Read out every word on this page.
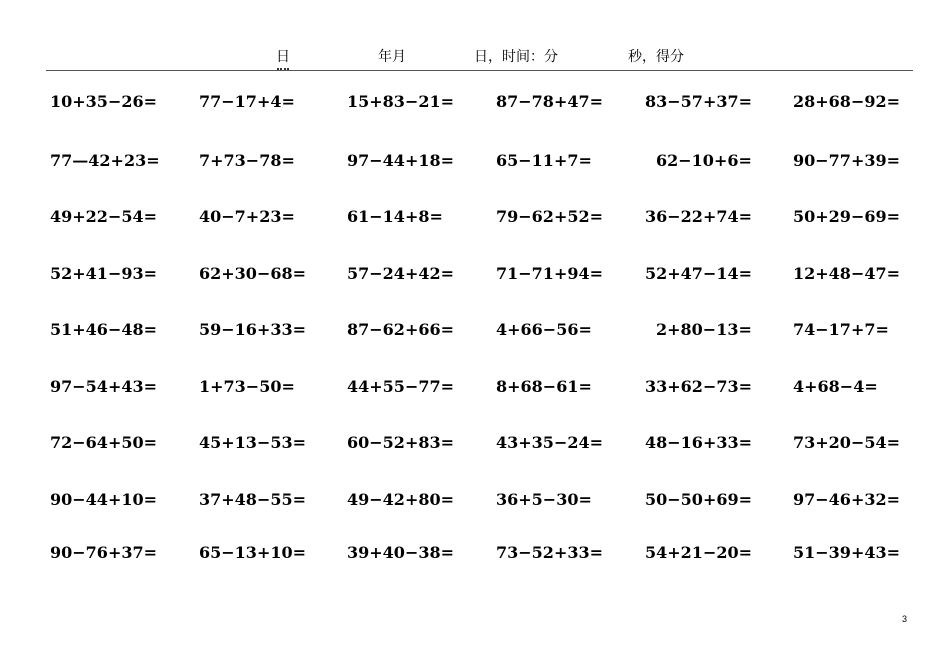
日	年月	日，时间：分	秒，得分
10+35−26=	77−17+4=	15+83−21=	87−78+47=	83−57+37=	28+68−92=
77—42+23= 7+73−78=	97−44+18=	65−11+7=	62−10+6=	90−77+39=
49+22−54=	40−7+23=	61−14+8=	79−62+52=	36−22+74=	50+29−69=
52+41−93=	62+30−68=	57−24+42=	71−71+94=	52+47−14=	12+48−47=
51+46−48=	59−16+33=	87−62+66=	4+66−56=	2+80−13=	74−17+7=
97−54+43=	1+73−50=	44+55−77=	8+68−61=	33+62−73=	4+68−4=
72−64+50=	45+13−53=	60−52+83=	43+35−24=	48−16+33=	73+20−54=
90−44+10=	37+48−55=	49−42+80=	36+5−30=	50−50+69=	97−46+32=
90−76+37=	65−13+10=	39+40−38=	73−52+33=	54+21−20=	51−39+43=
3
